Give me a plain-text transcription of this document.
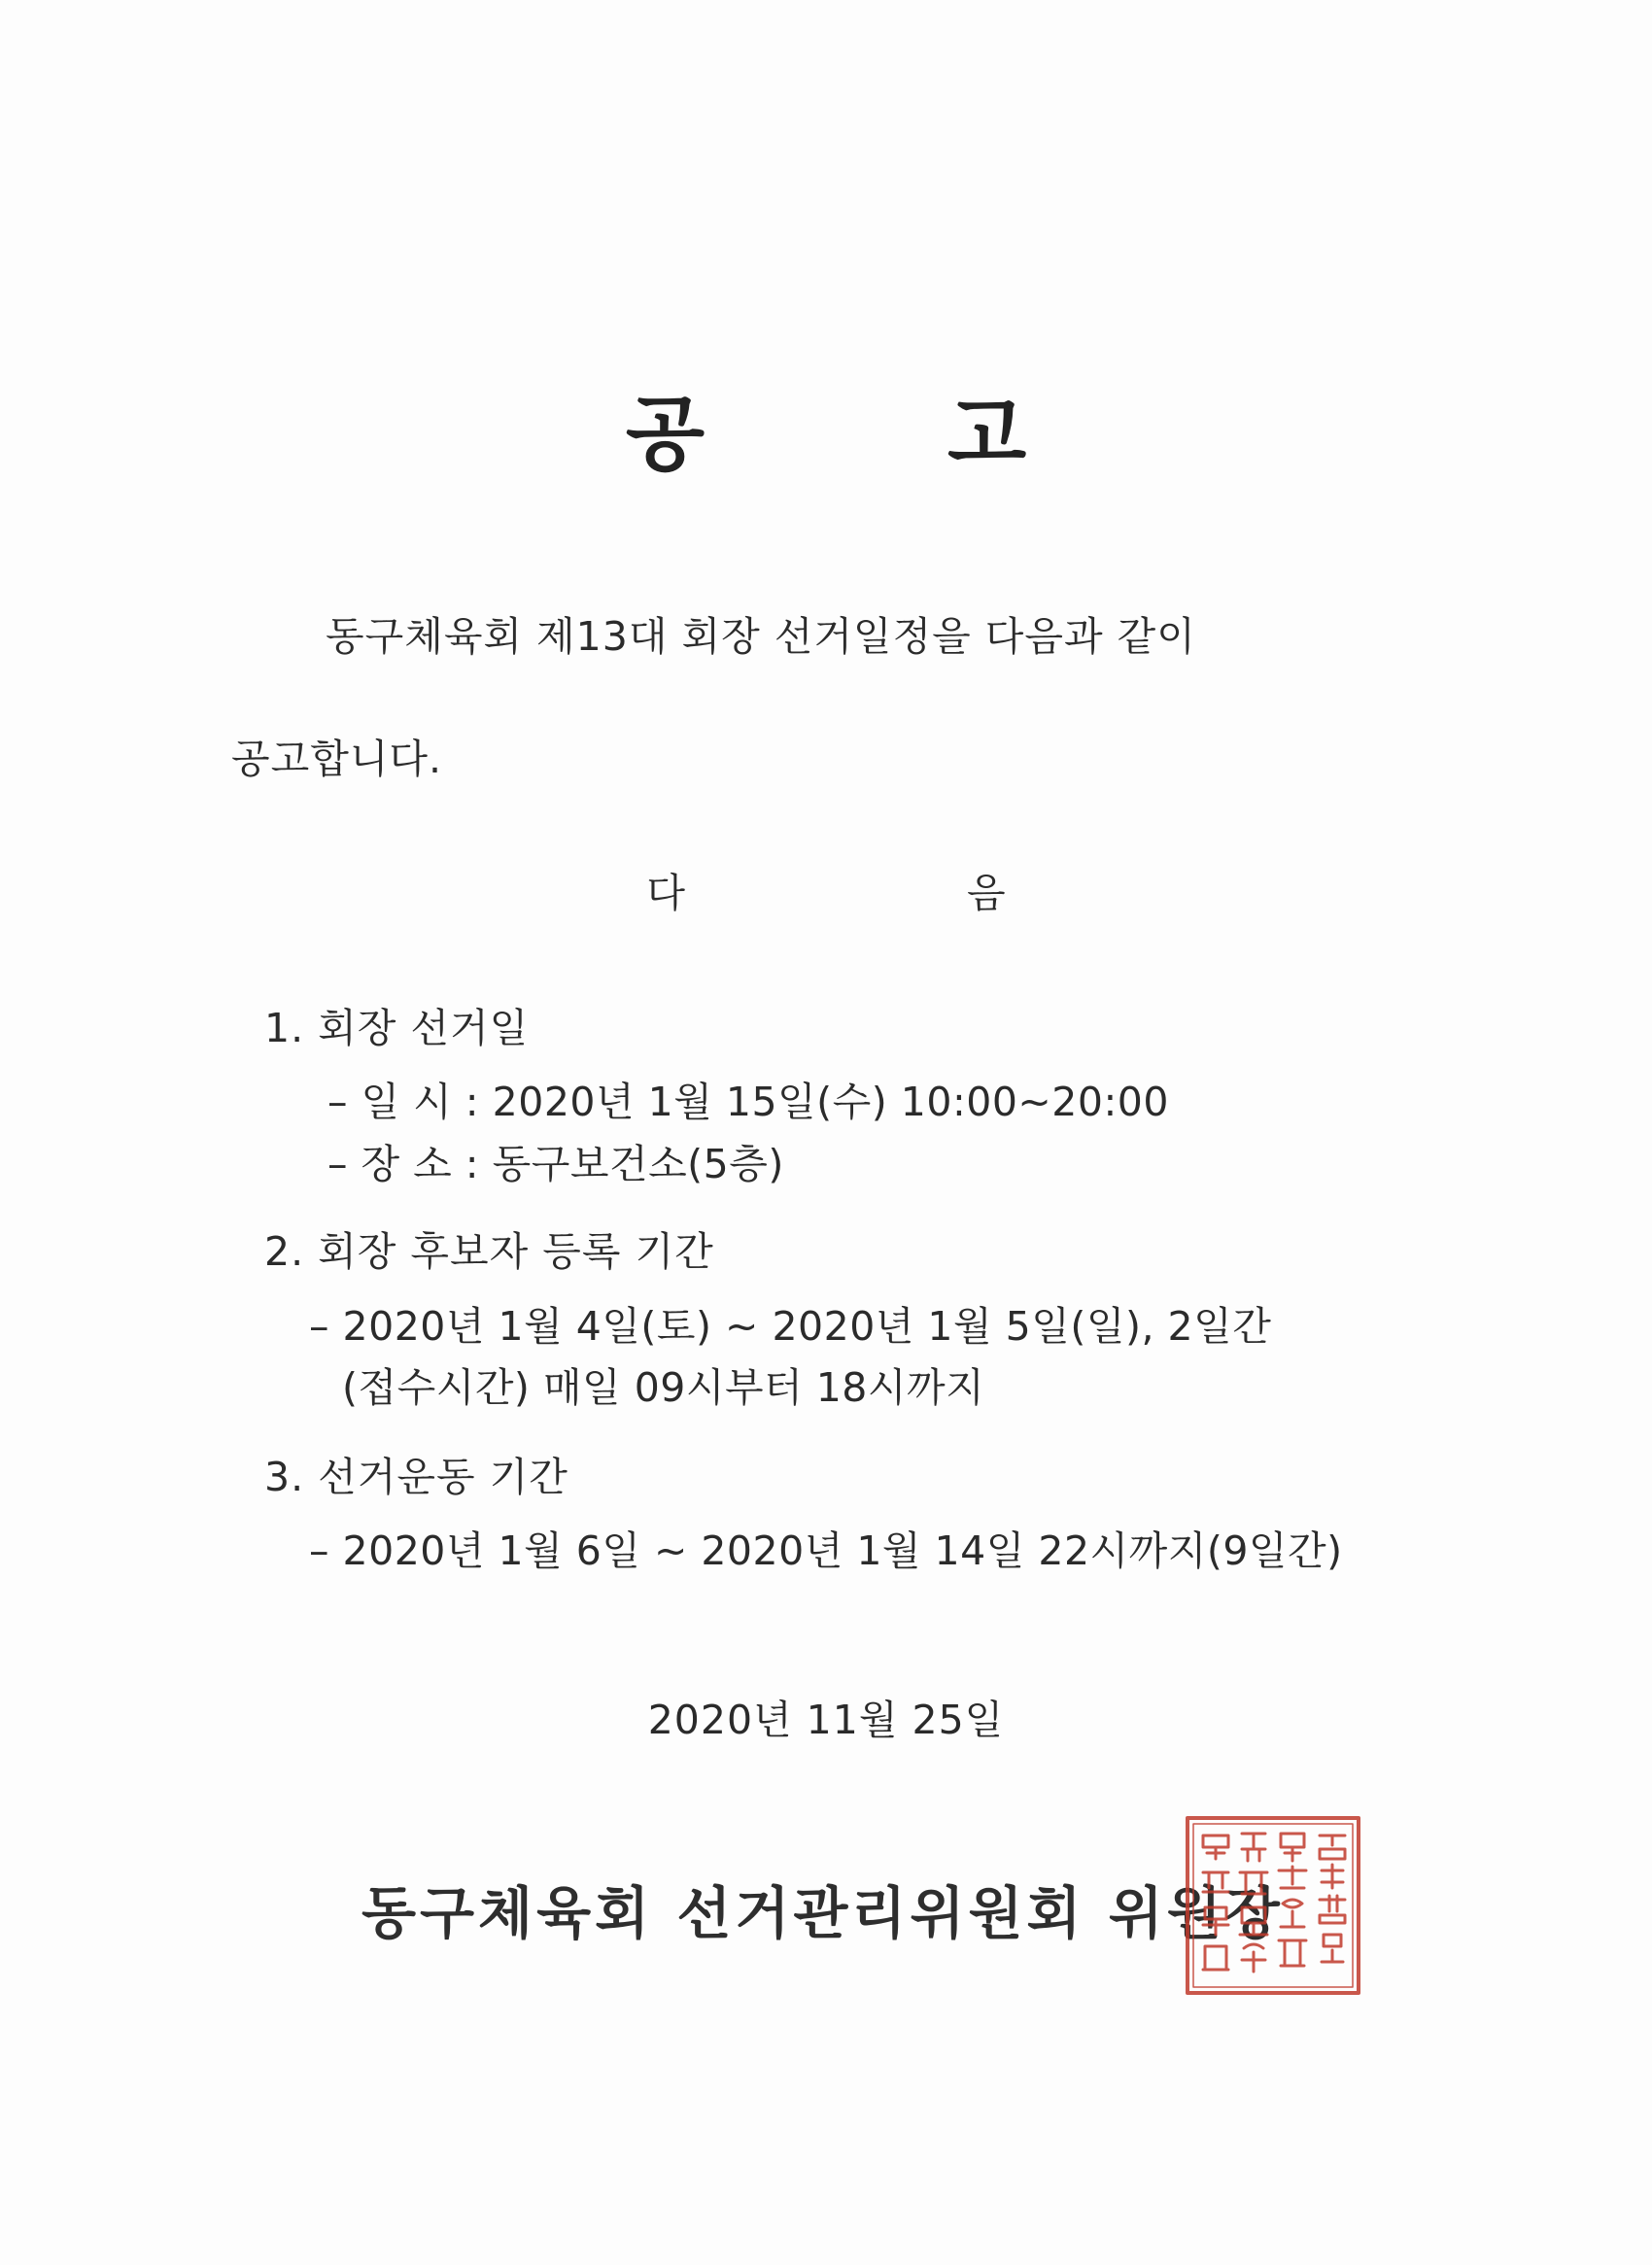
공	고
동구체육회 제13대 회장 선거일정을 다음과 같이
공고합니다.
다	음
1. 회장 선거일
– 일 시 : 2020년 1월 15일(수) 10:00~20:00
– 장 소 : 동구보건소(5층)
2. 회장 후보자 등록 기간
– 2020년 1월 4일(토) ~ 2020년 1월 5일(일), 2일간
(접수시간) 매일 09시부터 18시까지
3. 선거운동 기간
– 2020년 1월 6일 ~ 2020년 1월 14일 22시까지(9일간)
2020년 11월 25일
동구체육회 선거관리위원회 위원장
